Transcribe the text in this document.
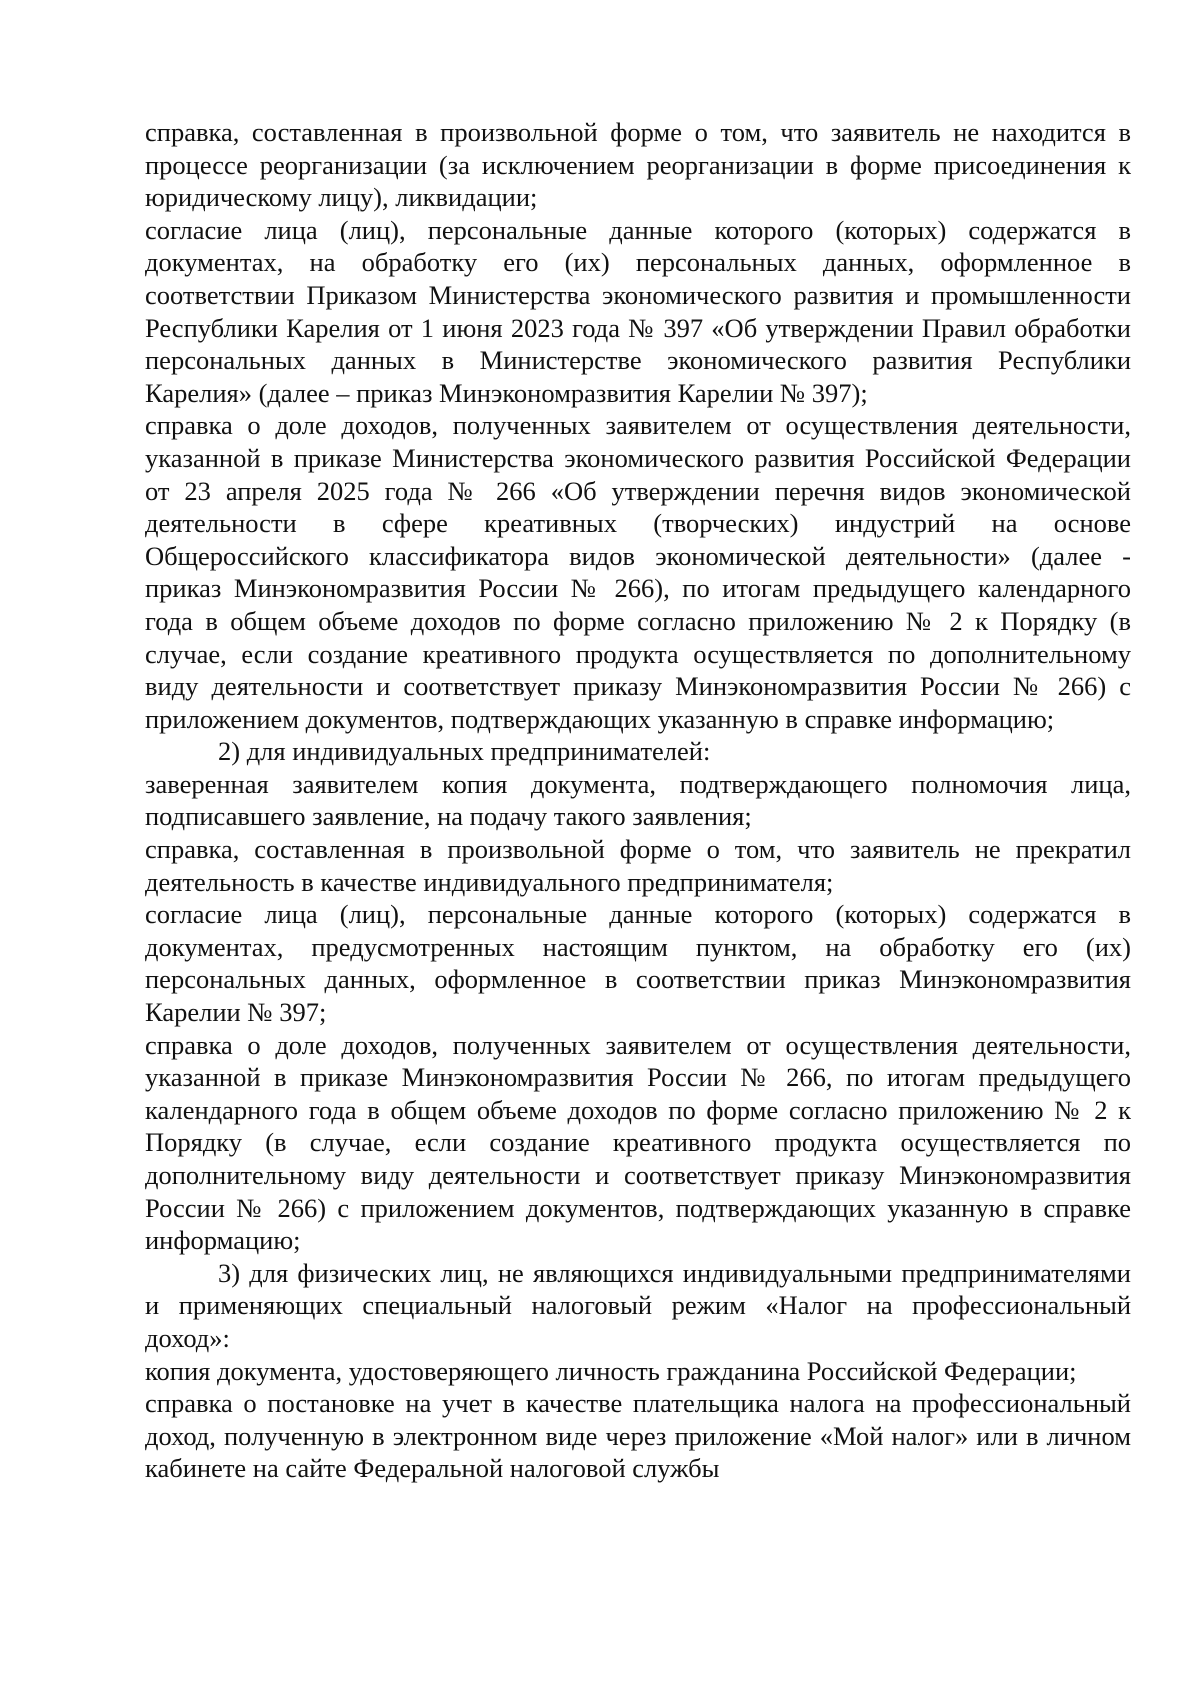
справка, составленная в произвольной форме о том, что заявитель не находится в процессе реорганизации (за исключением реорганизации в форме присоединения к юридическому лицу), ликвидации;

согласие лица (лиц), персональные данные которого (которых) содержатся в документах, на обработку его (их) персональных данных, оформленное в соответствии Приказом Министерства экономического развития и промышленности Республики Карелия от 1 июня 2023 года № 397 «Об утверждении Правил обработки персональных данных в Министерстве экономического развития Республики Карелия» (далее – приказ Минэкономразвития Карелии № 397);

справка о доле доходов, полученных заявителем от осуществления деятельности, указанной в приказе Министерства экономического развития Российской Федерации от 23 апреля 2025 года № 266 «Об утверждении перечня видов экономической деятельности в сфере креативных (творческих) индустрий на основе Общероссийского классификатора видов экономической деятельности» (далее - приказ Минэкономразвития России № 266), по итогам предыдущего календарного года в общем объеме доходов по форме согласно приложению № 2 к Порядку (в случае, если создание креативного продукта осуществляется по дополнительному виду деятельности и соответствует приказу Минэкономразвития России № 266) с приложением документов, подтверждающих указанную в справке информацию;

2) для индивидуальных предпринимателей:

заверенная заявителем копия документа, подтверждающего полномочия лица, подписавшего заявление, на подачу такого заявления;

справка, составленная в произвольной форме о том, что заявитель не прекратил деятельность в качестве индивидуального предпринимателя;

согласие лица (лиц), персональные данные которого (которых) содержатся в документах, предусмотренных настоящим пунктом, на обработку его (их) персональных данных, оформленное в соответствии приказ Минэкономразвития Карелии № 397;

справка о доле доходов, полученных заявителем от осуществления деятельности, указанной в приказе Минэкономразвития России № 266, по итогам предыдущего календарного года в общем объеме доходов по форме согласно приложению № 2 к Порядку (в случае, если создание креативного продукта осуществляется по дополнительному виду деятельности и соответствует приказу Минэкономразвития России № 266) с приложением документов, подтверждающих указанную в справке информацию;

3) для физических лиц, не являющихся индивидуальными предпринимателями и применяющих специальный налоговый режим «Налог на профессиональный доход»:

копия документа, удостоверяющего личность гражданина Российской Федерации;

справка о постановке на учет в качестве плательщика налога на профессиональный доход, полученную в электронном виде через приложение «Мой налог» или в личном кабинете на сайте Федеральной налоговой службы
